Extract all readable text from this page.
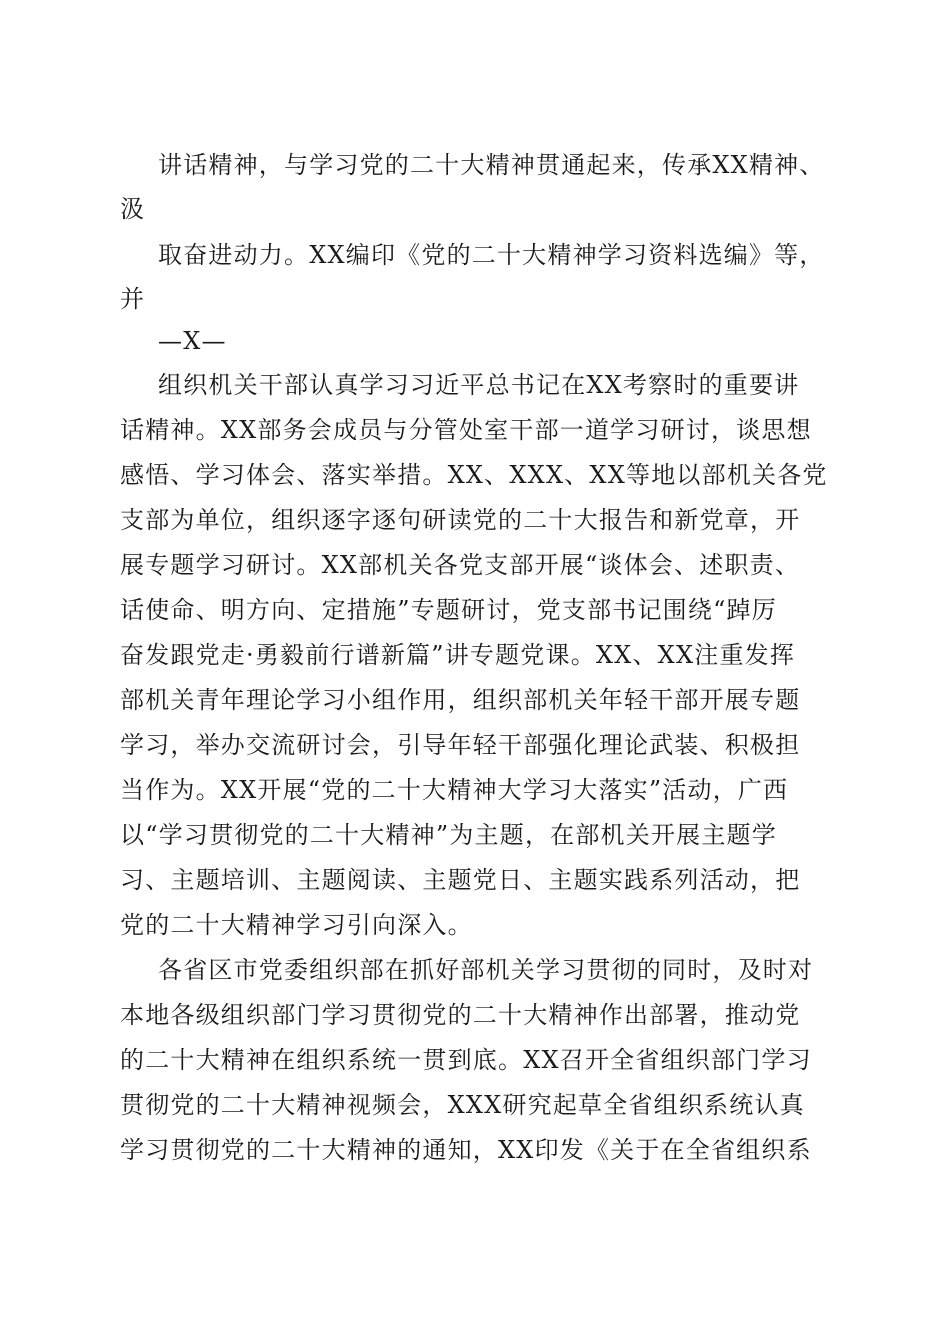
讲话精神，与学习党的二十大精神贯通起来，传承XX精神、
汲
取奋进动力。XX编印《党的二十大精神学习资料选编》等，
并
—X—
组织机关干部认真学习习近平总书记在XX考察时的重要讲
话精神。XX部务会成员与分管处室干部一道学习研讨，谈思想
感悟、学习体会、落实举措。XX、XXX、XX等地以部机关各党
支部为单位，组织逐字逐句研读党的二十大报告和新党章，开
展专题学习研讨。XX部机关各党支部开展“谈体会、述职责、
话使命、明方向、定措施”专题研讨，党支部书记围绕“踔厉
奋发跟党走·勇毅前行谱新篇”讲专题党课。XX、XX注重发挥
部机关青年理论学习小组作用，组织部机关年轻干部开展专题
学习，举办交流研讨会，引导年轻干部强化理论武装、积极担
当作为。XX开展“党的二十大精神大学习大落实”活动，广西
以“学习贯彻党的二十大精神”为主题，在部机关开展主题学
习、主题培训、主题阅读、主题党日、主题实践系列活动，把
党的二十大精神学习引向深入。
各省区市党委组织部在抓好部机关学习贯彻的同时，及时对
本地各级组织部门学习贯彻党的二十大精神作出部署，推动党
的二十大精神在组织系统一贯到底。XX召开全省组织部门学习
贯彻党的二十大精神视频会，XXX研究起草全省组织系统认真
学习贯彻党的二十大精神的通知，XX印发《关于在全省组织系
